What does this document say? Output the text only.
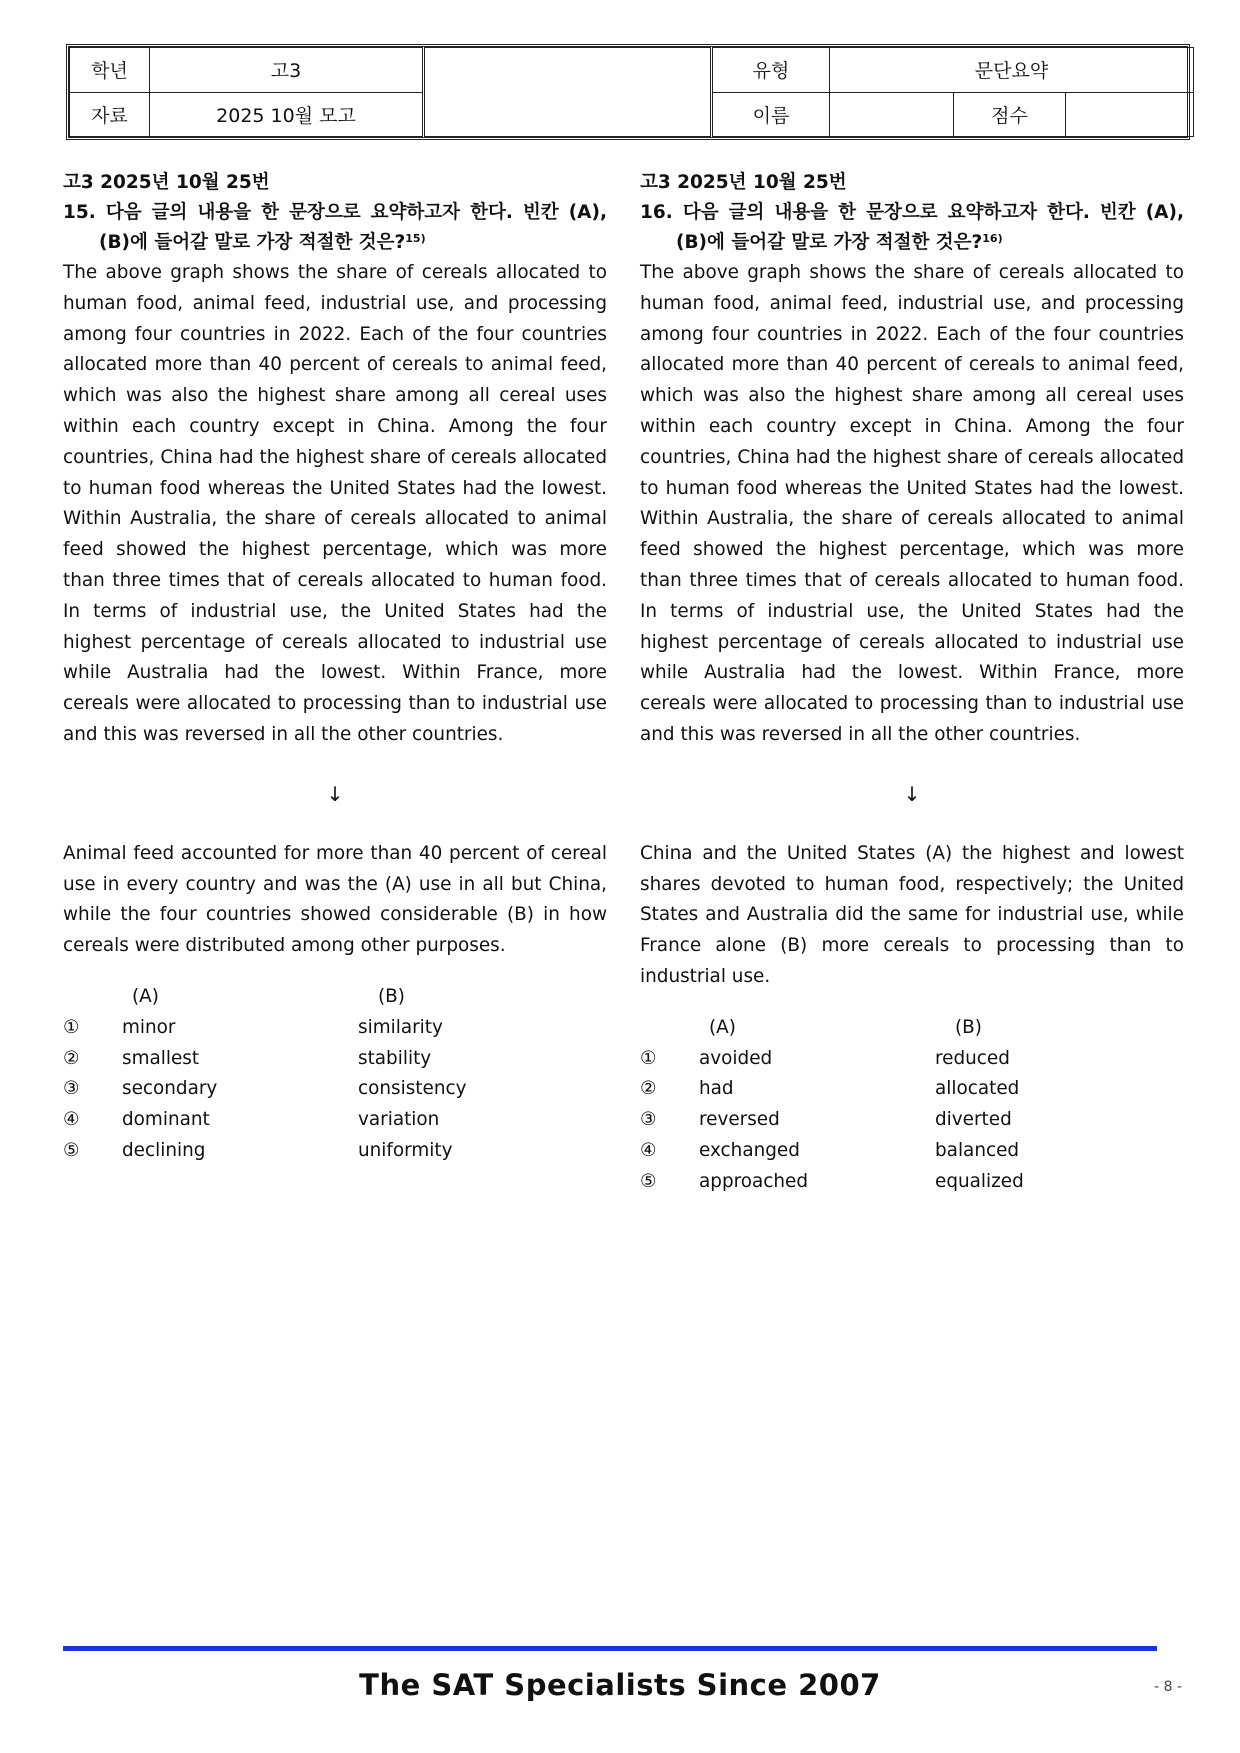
학년	고3		유형	문단요약		
자료	2025 10월 모고		이름		점수	
고3 2025년 10월 25번
15. 다음 글의 내용을 한 문장으로 요약하고자 한다. 빈칸 (A), (B)에 들어갈 말로 가장 적절한 것은?$^{15)}$

The above graph shows the share of cereals allocated to human food, animal feed, industrial use, and processing among four countries in 2022. Each of the four countries allocated more than 40 percent of cereals to animal feed, which was also the highest share among all cereal uses within each country except in China. Among the four countries, China had the highest share of cereals allocated to human food whereas the United States had the lowest. Within Australia, the share of cereals allocated to animal feed showed the highest percentage, which was more than three times that of cereals allocated to human food. In terms of industrial use, the United States had the highest percentage of cereals allocated to industrial use while Australia had the lowest. Within France, more cereals were allocated to processing than to industrial use and this was reversed in all the other countries.

↓
Animal feed accounted for more than 40 percent of cereal use in every country and was the (A) use in all but China, while the four countries showed considerable (B) in how cereals were distributed among other purposes.
(A)	(B)
① minor	similarity
② smallest	stability
③ secondary	consistency
④ dominant	variation
⑤ declining	uniformity
고3 2025년 10월 25번
16. 다음 글의 내용을 한 문장으로 요약하고자 한다. 빈칸 (A), (B)에 들어갈 말로 가장 적절한 것은?$^{16)}$

The above graph shows the share of cereals allocated to human food, animal feed, industrial use, and processing among four countries in 2022. Each of the four countries allocated more than 40 percent of cereals to animal feed, which was also the highest share among all cereal uses within each country except in China. Among the four countries, China had the highest share of cereals allocated to human food whereas the United States had the lowest. Within Australia, the share of cereals allocated to animal feed showed the highest percentage, which was more than three times that of cereals allocated to human food. In terms of industrial use, the United States had the highest percentage of cereals allocated to industrial use while Australia had the lowest. Within France, more cereals were allocated to processing than to industrial use and this was reversed in all the other countries.

↓
China and the United States (A) the highest and lowest shares devoted to human food, respectively; the United States and Australia did the same for industrial use, while France alone (B) more cereals to processing than to industrial use.
(A)	(B)
① avoided	reduced
② had	allocated
③ reversed	diverted
④ exchanged	balanced
⑤ approached	equalized
The SAT Specialists Since 2007	- 8 -
